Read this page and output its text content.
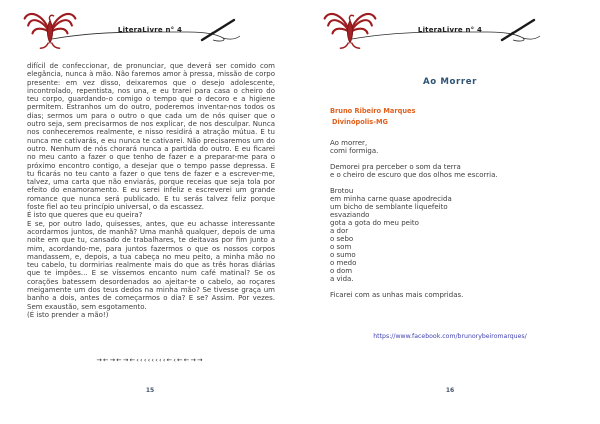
LiteraLivre n° 4

difícil de confeccionar, de pronunciar, que deverá ser comido com elegância, nunca à mão. Não faremos amor à pressa, missão de corpo presente: em vez disso, deixaremos que o desejo adolescente, incontrolado, repentista, nos una, e eu trarei para casa o cheiro do teu corpo, guardando-o comigo o tempo que o decoro e a higiene permitem. Estranhos um do outro, poderemos inventar-nos todos os dias; sermos um para o outro o que cada um de nós quiser que o outro seja, sem precisarmos de nos explicar, de nos desculpar. Nunca nos conheceremos realmente, e nisso residirá a atração mútua. E tu nunca me cativarás, e eu nunca te cativarei. Não precisaremos um do outro. Nenhum de nós chorará nunca a partida do outro. E eu ficarei no meu canto a fazer o que tenho de fazer e a preparar-me para o próximo encontro contigo, a desejar que o tempo passe depressa. E tu ficarás no teu canto a fazer o que tens de fazer e a escrever-me, talvez, uma carta que não enviarás, porque receias que seja tola por efeito do enamoramento. E eu serei infeliz e escreverei um grande romance que nunca será publicado. E tu serás talvez feliz porque foste fiel ao teu princípio universal, o da escassez.

É isto que queres que eu queira?

E se, por outro lado, quisesses, antes, que eu achasse interessante acordarmos juntos, de manhã? Uma manhã qualquer, depois de uma noite em que tu, cansado de trabalhares, te deitavas por fim junto a mim, acordando-me, para juntos fazermos o que os nossos corpos mandassem, e, depois, a tua cabeça no meu peito, a minha mão no teu cabelo, tu dormirias realmente mais do que as três horas diárias que te impões... E se víssemos encanto num café matinal? Se os corações batessem desordenados ao ajeitar-te o cabelo, ao roçares meigamente um dos teus dedos na minha mão? Se tivesse graça um banho a dois, antes de começarmos o dia? E se? Assim. Por vezes. Sem exaustão, sem esgotamento.

(É isto prender a mão!)

→←→←→←‹‹‹‹‹‹‹‹←‹←←→→
15
LiteraLivre n° 4
Ao Morrer
Bruno Ribeiro Marques
Divinópolis-MG
Ao morrer,
comi formiga.
Demorei pra perceber o som da terra
e o cheiro de escuro que dos olhos me escorria.
Brotou
em minha carne quase apodrecida
um bicho de semblante liquefeito
esvaziando
gota a gota do meu peito
a dor
o sebo
o som
o sumo
o medo
o dom
a vida.
Ficarei com as unhas mais compridas.
https://www.facebook.com/brunorybeiromarques/
16
